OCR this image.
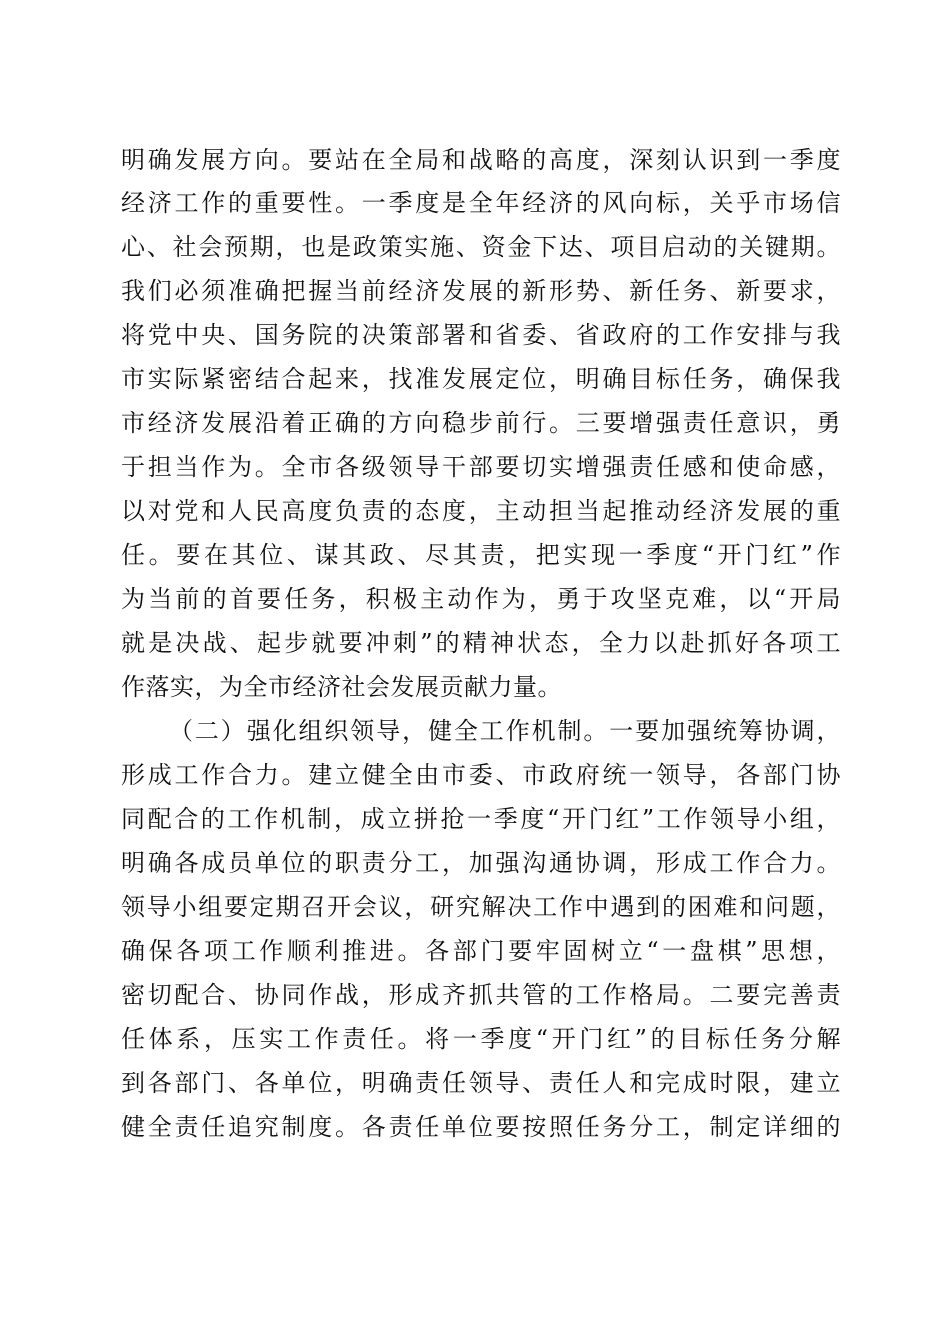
明确发展方向。要站在全局和战略的高度，深刻认识到一季度
经济工作的重要性。一季度是全年经济的风向标，关乎市场信
心、社会预期，也是政策实施、资金下达、项目启动的关键期。
我们必须准确把握当前经济发展的新形势、新任务、新要求，
将党中央、国务院的决策部署和省委、省政府的工作安排与我
市实际紧密结合起来，找准发展定位，明确目标任务，确保我
市经济发展沿着正确的方向稳步前行。三要增强责任意识，勇
于担当作为。全市各级领导干部要切实增强责任感和使命感，
以对党和人民高度负责的态度，主动担当起推动经济发展的重
任。要在其位、谋其政、尽其责，把实现一季度“开门红”作
为当前的首要任务，积极主动作为，勇于攻坚克难，以“开局
就是决战、起步就要冲刺”的精神状态，全力以赴抓好各项工
作落实，为全市经济社会发展贡献力量。
（二）强化组织领导，健全工作机制。一要加强统筹协调，
形成工作合力。建立健全由市委、市政府统一领导，各部门协
同配合的工作机制，成立拼抢一季度“开门红”工作领导小组，
明确各成员单位的职责分工，加强沟通协调，形成工作合力。
领导小组要定期召开会议，研究解决工作中遇到的困难和问题，
确保各项工作顺利推进。各部门要牢固树立“一盘棋”思想，
密切配合、协同作战，形成齐抓共管的工作格局。二要完善责
任体系，压实工作责任。将一季度“开门红”的目标任务分解
到各部门、各单位，明确责任领导、责任人和完成时限，建立
健全责任追究制度。各责任单位要按照任务分工，制定详细的
